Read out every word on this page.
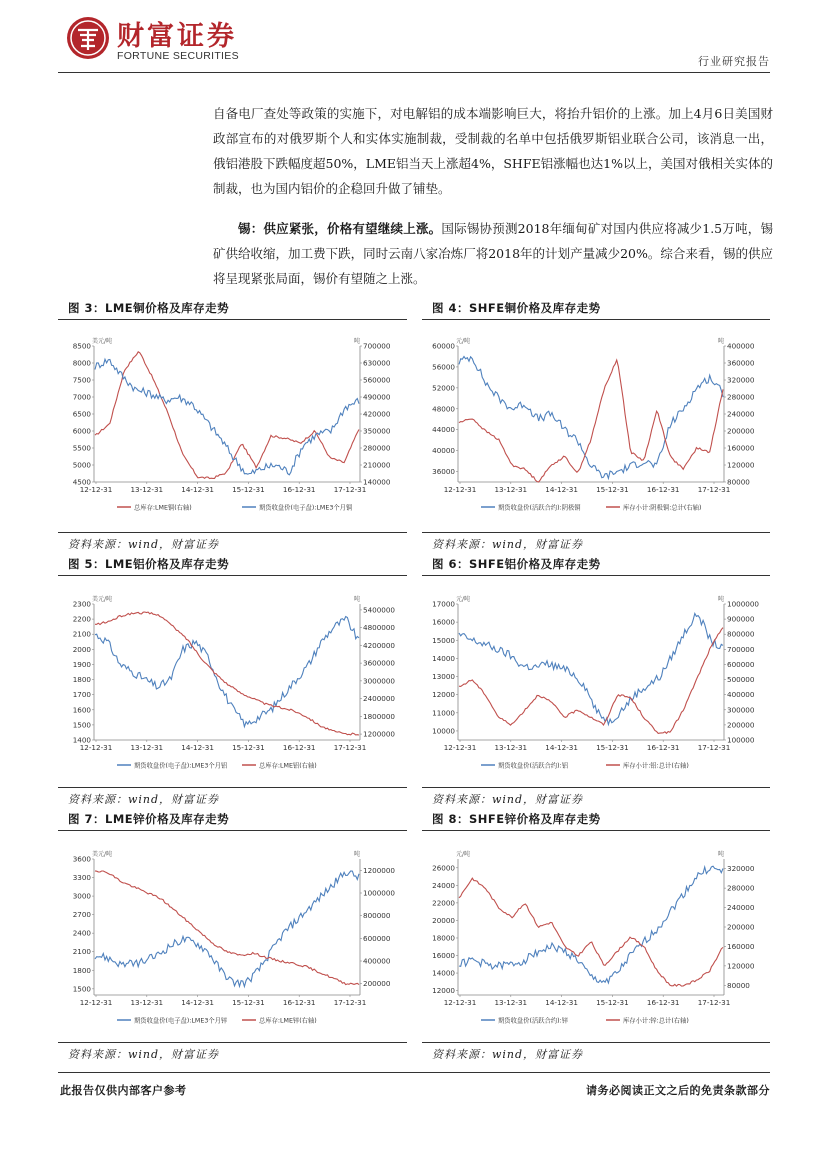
财富证券
FORTUNE SECURITIES	行业研究报告
自备电厂查处等政策的实施下，对电解铝的成本端影响巨大，将抬升铝价的上涨。加上4月6日美国财政部宣布的对俄罗斯个人和实体实施制裁，受制裁的名单中包括俄罗斯铝业联合公司，该消息一出，俄铝港股下跌幅度超50%，LME铝当天上涨超4%，SHFE铝涨幅也达1%以上，美国对俄相关实体的制裁，也为国内铝价的企稳回升做了铺垫。
锡：供应紧张，价格有望继续上涨。国际锡协预测2018年缅甸矿对国内供应将减少1.5万吨，锡矿供给收缩，加工费下跌，同时云南八家冶炼厂将2018年的计划产量减少20%。综合来看，锡的供应将呈现紧张局面，锡价有望随之上涨。
图 3：LME铜价格及库存走势	图 4：SHFE铜价格及库存走势
美元/吨	吨
8500
8000
7500
7000
6500
6000
5500
5000
4500
700000
630000
560000
490000
420000
350000
280000
210000
140000
12-12-31	13-12-31	14-12-31	15-12-31	16-12-31	17-12-31
总库存:LME铜(右轴)	期货收盘价(电子盘):LME3个月铜
元/吨	吨
60000
56000
52000
48000
44000
40000
36000
400000
360000
320000
280000
240000
200000
160000
120000
80000
12-12-31	13-12-31	14-12-31	15-12-31	16-12-31	17-12-31
期货收盘价(活跃合约):阴极铜	库存小计:阴极铜:总计(右轴)
资料来源：wind，财富证券	资料来源：wind，财富证券
图 5：LME铝价格及库存走势	图 6：SHFE铝价格及库存走势
美元/吨	吨
2300
2200
2100
2000
1900
1800
1700
1600
1500
1400
5400000
4800000
4200000
3600000
3000000
2400000
1800000
1200000
12-12-31	13-12-31	14-12-31	15-12-31	16-12-31	17-12-31
期货收盘价(电子盘):LME3个月铝	总库存:LME铝(右轴)
元/吨	吨
17000
16000
15000
14000
13000
12000
11000
10000
1000000
900000
800000
700000
600000
500000
400000
300000
200000
100000
12-12-31	13-12-31	14-12-31	15-12-31	16-12-31	17-12-31
期货收盘价(活跃合约):铝	库存小计:铝:总计(右轴)
资料来源：wind，财富证券	资料来源：wind，财富证券
图 7：LME锌价格及库存走势	图 8：SHFE锌价格及库存走势
美元/吨	吨
3600
3300
3000
2700
2400
2100
1800
1500
1200000
1000000
800000
600000
400000
200000
12-12-31	13-12-31	14-12-31	15-12-31	16-12-31	17-12-31
期货收盘价(电子盘):LME3个月锌	总库存:LME锌(右轴)
元/吨	吨
26000
24000
22000
20000
18000
16000
14000
12000
320000
280000
240000
200000
160000
120000
80000
12-12-31	13-12-31	14-12-31	15-12-31	16-12-31	17-12-31
期货收盘价(活跃合约):锌	库存小计:锌:总计(右轴)
资料来源：wind，财富证券	资料来源：wind，财富证券
此报告仅供内部客户参考	请务必阅读正文之后的免责条款部分
